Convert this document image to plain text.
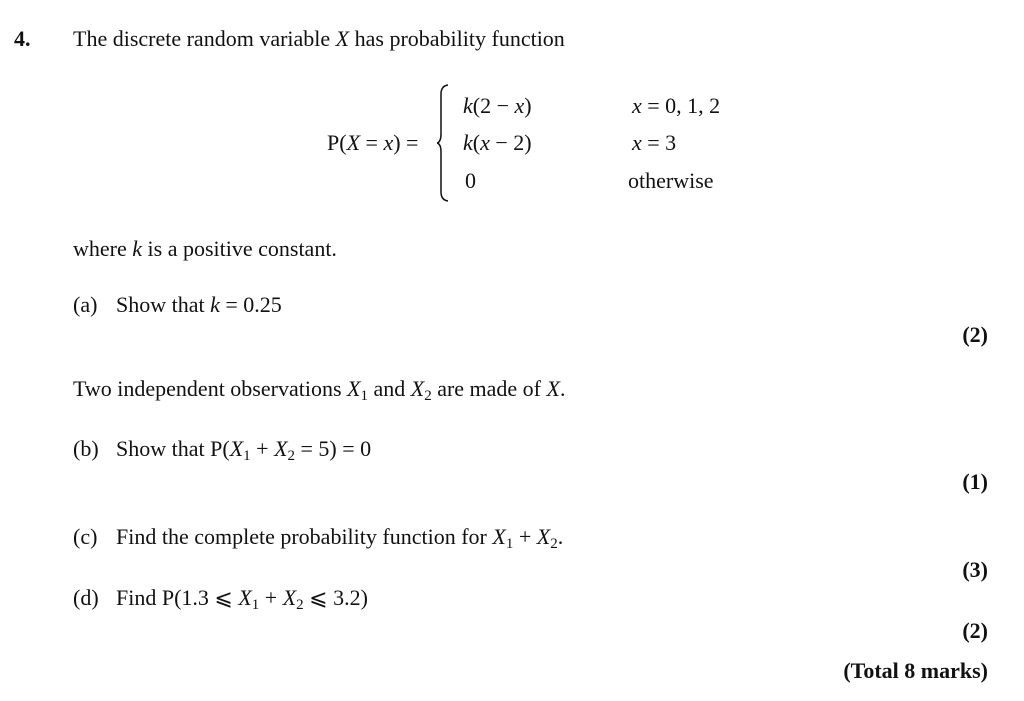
4. The discrete random variable X has probability function
P(X = x) =
k(2 − x)	x = 0, 1, 2
k(x − 2)	x = 3
0	otherwise
where k is a positive constant.
(a) Show that k = 0.25
(2)
Two independent observations $X_1$ and $X_2$ are made of X.
(b) Show that $P(X_1 + X_2 = 5) = 0$
(1)
(c) Find the complete probability function for $X_1 + X_2$.
(3)
(d) Find P(1.3 ⩽ $X_1 + X_2$ ⩽ 3.2)
(2)
(Total 8 marks)
